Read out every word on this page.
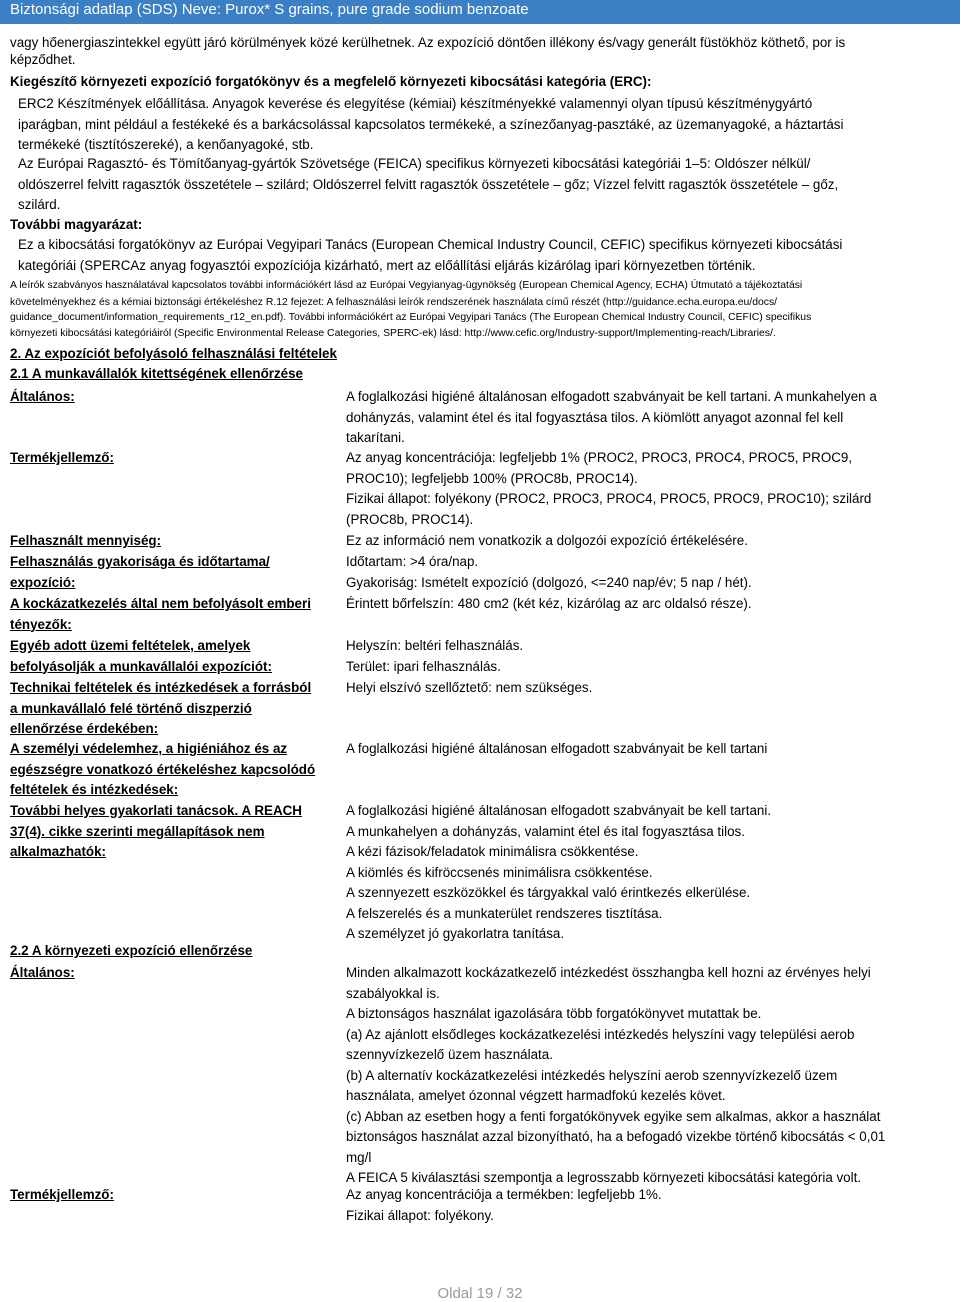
Biztonsági adatlap (SDS) Neve: Purox* S grains, pure grade sodium benzoate
vagy hőenergiaszintekkel együtt járó körülmények közé kerülhetnek. Az expozíció döntően illékony és/vagy generált füstökhöz köthető, por is
képződhet.
Kiegészítő környezeti expozíció forgatókönyv és a megfelelő környezeti kibocsátási kategória (ERC):
ERC2 Készítmények előállítása. Anyagok keverése és elegyítése (kémiai) készítményekké valamennyi olyan típusú készítménygyártó
iparágban, mint például a festékeké és a barkácsolással kapcsolatos termékeké, a színezőanyag-pasztáké, az üzemanyagoké, a háztartási
termékeké (tisztítószereké), a kenőanyagoké, stb.
Az Európai Ragasztó- és Tömítőanyag-gyártók Szövetsége (FEICA) specifikus környezeti kibocsátási kategóriái 1–5: Oldószer nélkül/
oldószerrel felvitt ragasztók összetétele – szilárd; Oldószerrel felvitt ragasztók összetétele – gőz; Vízzel felvitt ragasztók összetétele – gőz,
szilárd.
További magyarázat:
Ez a kibocsátási forgatókönyv az Európai Vegyipari Tanács (European Chemical Industry Council, CEFIC) specifikus környezeti kibocsátási
kategóriái (SPERCAz anyag fogyasztói expozíciója kizárható, mert az előállítási eljárás kizárólag ipari környezetben történik.
A leírók szabványos használatával kapcsolatos további információkért lásd az Európai Vegyianyag-ügynökség (European Chemical Agency, ECHA) Útmutató a tájékoztatási
követelményekhez és a kémiai biztonsági értékeléshez R.12 fejezet: A felhasználási leírók rendszerének használata című részét (http://guidance.echa.europa.eu/docs/
guidance_document/information_requirements_r12_en.pdf). További információkért az Európai Vegyipari Tanács (The European Chemical Industry Council, CEFIC) specifikus
környezeti kibocsátási kategóriáiról (Specific Environmental Release Categories, SPERC-ek) lásd: http://www.cefic.org/Industry-support/Implementing-reach/Libraries/.
2. Az expozíciót befolyásoló felhasználási feltételek
2.1 A munkavállalók kitettségének ellenőrzése
Általános:	A foglalkozási higiéné általánosan elfogadott szabványait be kell tartani. A munkahelyen a
dohányzás, valamint étel és ital fogyasztása tilos. A kiömlött anyagot azonnal fel kell
takarítani.
Termékjellemző:	Az anyag koncentrációja: legfeljebb 1% (PROC2, PROC3, PROC4, PROC5, PROC9,
PROC10); legfeljebb 100% (PROC8b, PROC14).
Fizikai állapot: folyékony (PROC2, PROC3, PROC4, PROC5, PROC9, PROC10); szilárd
(PROC8b, PROC14).
Felhasznált mennyiség:	Ez az információ nem vonatkozik a dolgozói expozíció értékelésére.
Felhasználás gyakorisága és időtartama/
expozíció:
Időtartam: >4 óra/nap.
Gyakoriság: Ismételt expozíció (dolgozó, <=240 nap/év; 5 nap / hét).
A kockázatkezelés által nem befolyásolt emberi
tényezők:
Érintett bőrfelszín: 480 cm2 (két kéz, kizárólag az arc oldalsó része).
Egyéb adott üzemi feltételek, amelyek
befolyásolják a munkavállalói expozíciót:
Helyszín: beltéri felhasználás.
Terület: ipari felhasználás.
Technikai feltételek és intézkedések a forrásból
a munkavállaló felé történő diszperzió
ellenőrzése érdekében:
Helyi elszívó szellőztető: nem szükséges.
A személyi védelemhez, a higiéniához és az
egészségre vonatkozó értékeléshez kapcsolódó
feltételek és intézkedések:
A foglalkozási higiéné általánosan elfogadott szabványait be kell tartani
További helyes gyakorlati tanácsok. A REACH
37(4). cikke szerinti megállapítások nem
alkalmazhatók:
A foglalkozási higiéné általánosan elfogadott szabványait be kell tartani.
A munkahelyen a dohányzás, valamint étel és ital fogyasztása tilos.
A kézi fázisok/feladatok minimálisra csökkentése.
A kiömlés és kifröccsenés minimálisra csökkentése.
A szennyezett eszközökkel és tárgyakkal való érintkezés elkerülése.
A felszerelés és a munkaterület rendszeres tisztítása.
A személyzet jó gyakorlatra tanítása.
2.2 A környezeti expozíció ellenőrzése
Általános:	Minden alkalmazott kockázatkezelő intézkedést összhangba kell hozni az érvényes helyi
szabályokkal is.
A biztonságos használat igazolására több forgatókönyvet mutattak be.
(a) Az ajánlott elsődleges kockázatkezelési intézkedés helyszíni vagy települési aerob
szennyvízkezelő üzem használata.
(b) A alternatív kockázatkezelési intézkedés helyszíni aerob szennyvízkezelő üzem
használata, amelyet ózonnal végzett harmadfokú kezelés követ.
(c) Abban az esetben hogy a fenti forgatókönyvek egyike sem alkalmas, akkor a használat
biztonságos használat azzal bizonyítható, ha a befogadó vizekbe történő kibocsátás < 0,01
mg/l
A FEICA 5 kiválasztási szempontja a legrosszabb környezeti kibocsátási kategória volt.
Termékjellemző:	Az anyag koncentrációja a termékben: legfeljebb 1%.
Fizikai állapot: folyékony.
Oldal 19 / 32
